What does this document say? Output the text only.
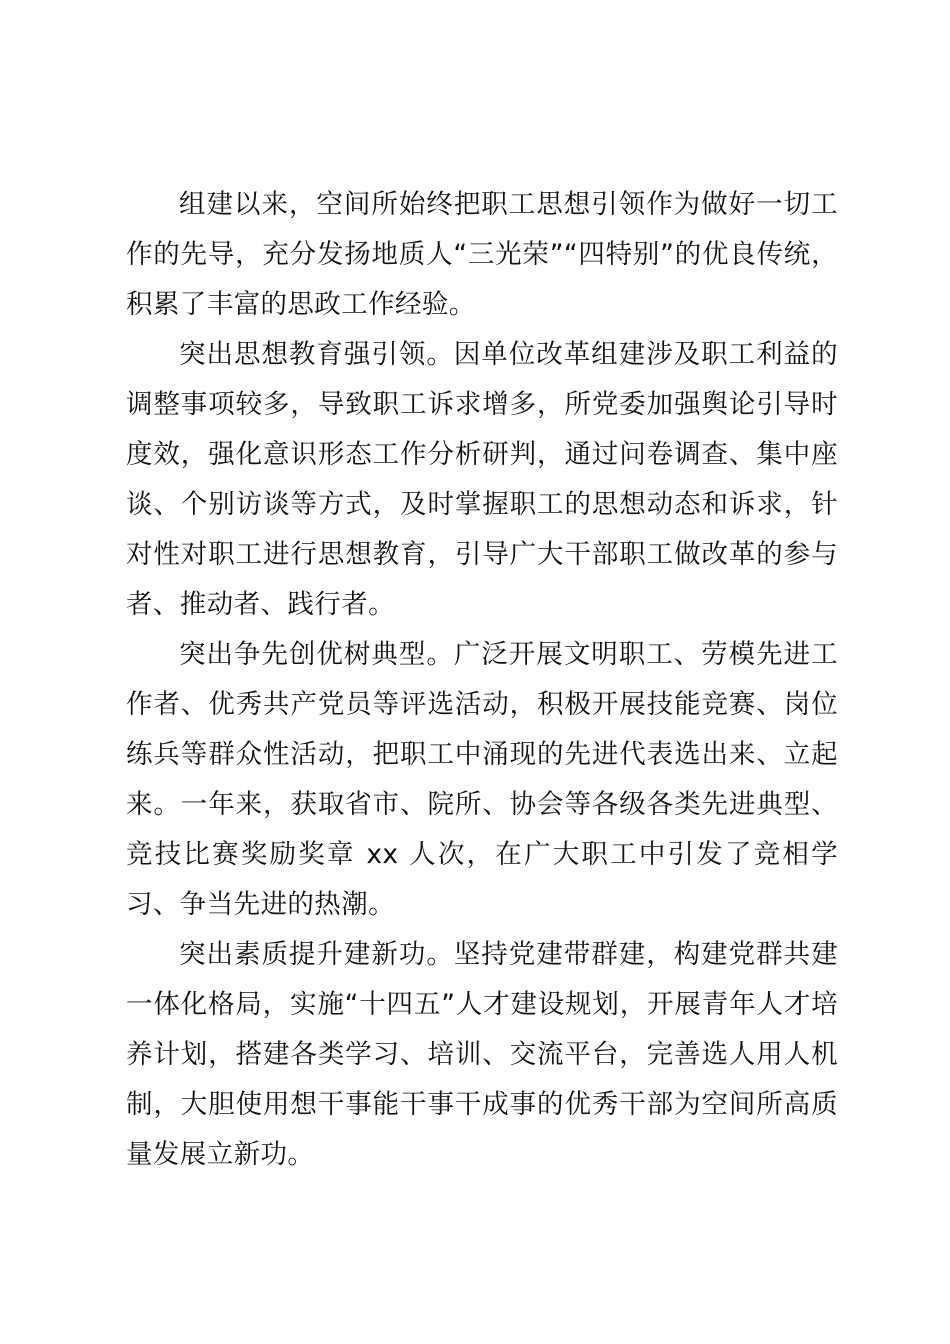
组建以来，空间所始终把职工思想引领作为做好一切工作的先导，充分发扬地质人“三光荣”“四特别”的优良传统，积累了丰富的思政工作经验。

突出思想教育强引领。因单位改革组建涉及职工利益的调整事项较多，导致职工诉求增多，所党委加强舆论引导时度效，强化意识形态工作分析研判，通过问卷调查、集中座谈、个别访谈等方式，及时掌握职工的思想动态和诉求，针对性对职工进行思想教育，引导广大干部职工做改革的参与者、推动者、践行者。

突出争先创优树典型。广泛开展文明职工、劳模先进工作者、优秀共产党员等评选活动，积极开展技能竞赛、岗位练兵等群众性活动，把职工中涌现的先进代表选出来、立起来。一年来，获取省市、院所、协会等各级各类先进典型、竞技比赛奖励奖章 xx 人次，在广大职工中引发了竞相学习、争当先进的热潮。

突出素质提升建新功。坚持党建带群建，构建党群共建一体化格局，实施“十四五”人才建设规划，开展青年人才培养计划，搭建各类学习、培训、交流平台，完善选人用人机制，大胆使用想干事能干事干成事的优秀干部为空间所高质量发展立新功。
